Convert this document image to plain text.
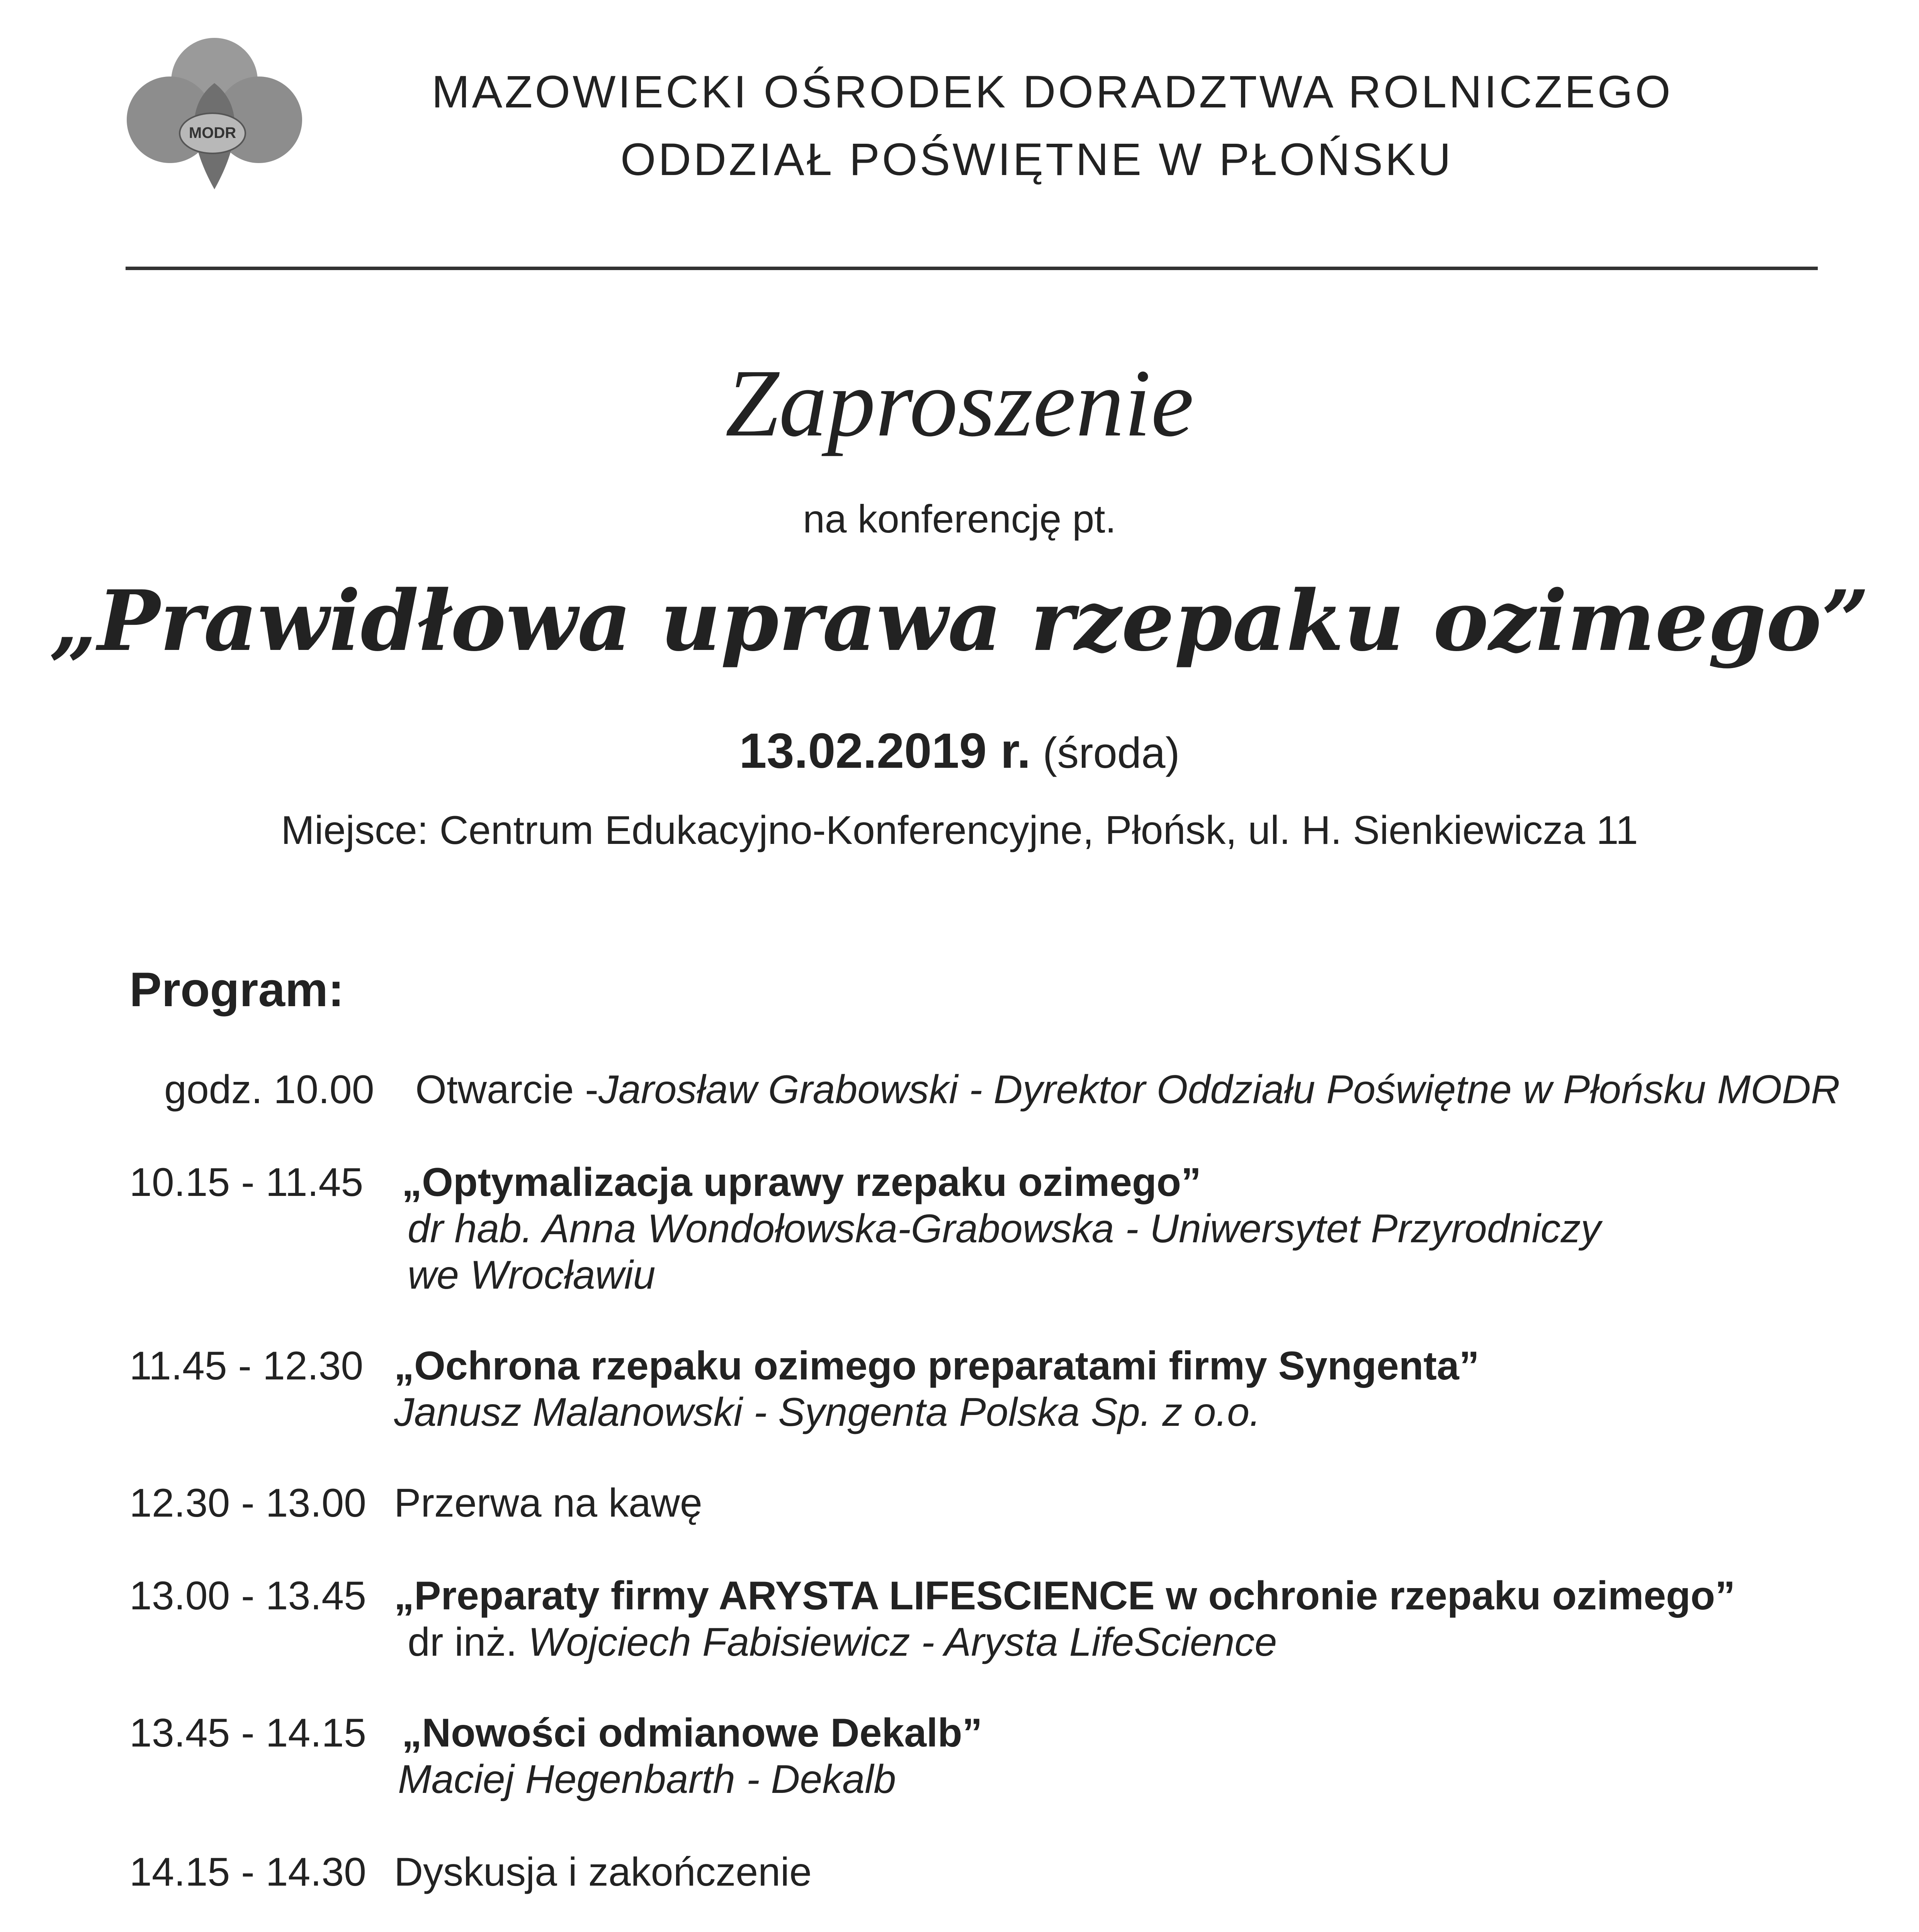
MODR
MAZOWIECKI OŚRODEK DORADZTWA ROLNICZEGO
ODDZIAŁ POŚWIĘTNE W PŁOŃSKU
Zaproszenie
na konferencję pt.
„Prawidłowa uprawa rzepaku ozimego”
13.02.2019 r. (środa)
Miejsce: Centrum Edukacyjno-Konferencyjne, Płońsk, ul. H. Sienkiewicza 11
Program:
godz. 10.00 Otwarcie -Jarosław Grabowski - Dyrektor Oddziału Poświętne w Płońsku MODR
10.15 - 11.45 „Optymalizacja uprawy rzepaku ozimego”
dr hab. Anna Wondołowska-Grabowska - Uniwersytet Przyrodniczy
we Wrocławiu
11.45 - 12.30 „Ochrona rzepaku ozimego preparatami firmy Syngenta”
Janusz Malanowski - Syngenta Polska Sp. z o.o.
12.30 - 13.00 Przerwa na kawę
13.00 - 13.45 „Preparaty firmy ARYSTA LIFESCIENCE w ochronie rzepaku ozimego”
dr inż. Wojciech Fabisiewicz - Arysta LifeScience
13.45 - 14.15 „Nowości odmianowe Dekalb”
Maciej Hegenbarth - Dekalb
14.15 - 14.30 Dyskusja i zakończenie
